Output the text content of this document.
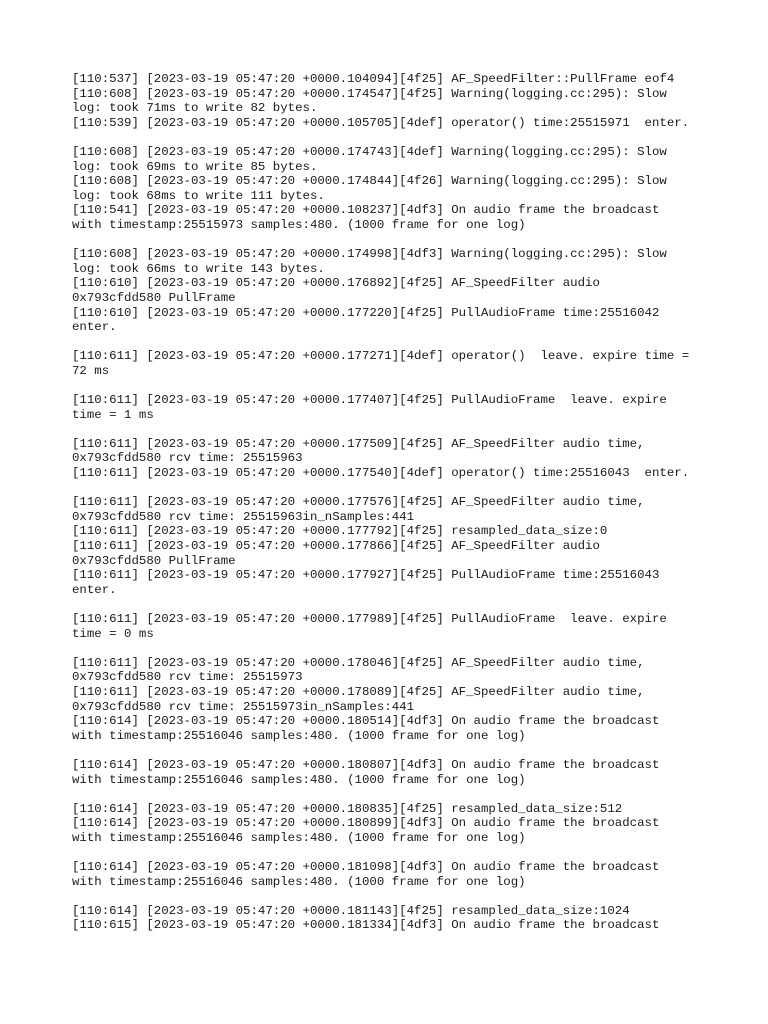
[110:537] [2023-03-19 05:47:20 +0000.104094][4f25] AF_SpeedFilter::PullFrame eof4
[110:608] [2023-03-19 05:47:20 +0000.174547][4f25] Warning(logging.cc:295): Slow
log: took 71ms to write 82 bytes.
[110:539] [2023-03-19 05:47:20 +0000.105705][4def] operator() time:25515971  enter.
[110:608] [2023-03-19 05:47:20 +0000.174743][4def] Warning(logging.cc:295): Slow
log: took 69ms to write 85 bytes.
[110:608] [2023-03-19 05:47:20 +0000.174844][4f26] Warning(logging.cc:295): Slow
log: took 68ms to write 111 bytes.
[110:541] [2023-03-19 05:47:20 +0000.108237][4df3] On audio frame the broadcast
with timestamp:25515973 samples:480. (1000 frame for one log)
[110:608] [2023-03-19 05:47:20 +0000.174998][4df3] Warning(logging.cc:295): Slow
log: took 66ms to write 143 bytes.
[110:610] [2023-03-19 05:47:20 +0000.176892][4f25] AF_SpeedFilter audio
0x793cfdd580 PullFrame
[110:610] [2023-03-19 05:47:20 +0000.177220][4f25] PullAudioFrame time:25516042
enter.
[110:611] [2023-03-19 05:47:20 +0000.177271][4def] operator()  leave. expire time =
72 ms
[110:611] [2023-03-19 05:47:20 +0000.177407][4f25] PullAudioFrame  leave. expire
time = 1 ms
[110:611] [2023-03-19 05:47:20 +0000.177509][4f25] AF_SpeedFilter audio time,
0x793cfdd580 rcv time: 25515963
[110:611] [2023-03-19 05:47:20 +0000.177540][4def] operator() time:25516043  enter.
[110:611] [2023-03-19 05:47:20 +0000.177576][4f25] AF_SpeedFilter audio time,
0x793cfdd580 rcv time: 25515963in_nSamples:441
[110:611] [2023-03-19 05:47:20 +0000.177792][4f25] resampled_data_size:0
[110:611] [2023-03-19 05:47:20 +0000.177866][4f25] AF_SpeedFilter audio
0x793cfdd580 PullFrame
[110:611] [2023-03-19 05:47:20 +0000.177927][4f25] PullAudioFrame time:25516043
enter.
[110:611] [2023-03-19 05:47:20 +0000.177989][4f25] PullAudioFrame  leave. expire
time = 0 ms
[110:611] [2023-03-19 05:47:20 +0000.178046][4f25] AF_SpeedFilter audio time,
0x793cfdd580 rcv time: 25515973
[110:611] [2023-03-19 05:47:20 +0000.178089][4f25] AF_SpeedFilter audio time,
0x793cfdd580 rcv time: 25515973in_nSamples:441
[110:614] [2023-03-19 05:47:20 +0000.180514][4df3] On audio frame the broadcast
with timestamp:25516046 samples:480. (1000 frame for one log)
[110:614] [2023-03-19 05:47:20 +0000.180807][4df3] On audio frame the broadcast
with timestamp:25516046 samples:480. (1000 frame for one log)
[110:614] [2023-03-19 05:47:20 +0000.180835][4f25] resampled_data_size:512
[110:614] [2023-03-19 05:47:20 +0000.180899][4df3] On audio frame the broadcast
with timestamp:25516046 samples:480. (1000 frame for one log)
[110:614] [2023-03-19 05:47:20 +0000.181098][4df3] On audio frame the broadcast
with timestamp:25516046 samples:480. (1000 frame for one log)
[110:614] [2023-03-19 05:47:20 +0000.181143][4f25] resampled_data_size:1024
[110:615] [2023-03-19 05:47:20 +0000.181334][4df3] On audio frame the broadcast
